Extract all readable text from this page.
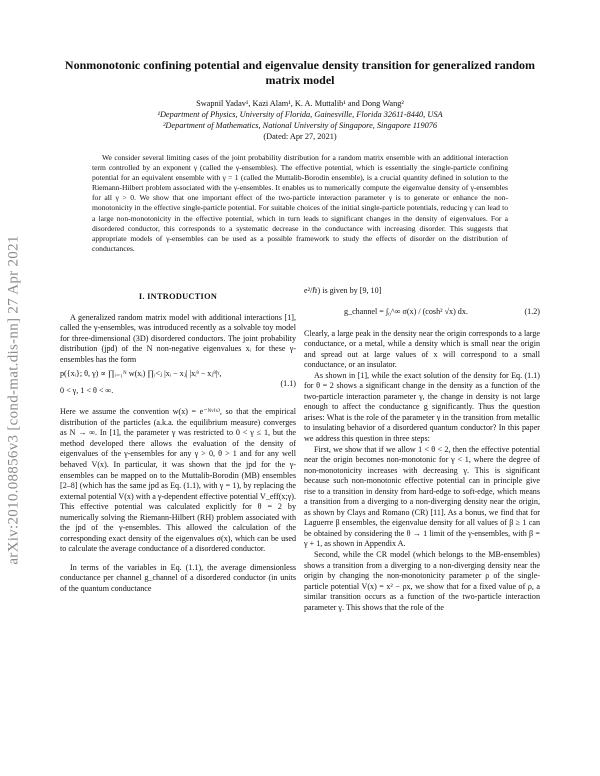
arXiv:2010.08856v3 [cond-mat.dis-nn] 27 Apr 2021
Nonmonotonic confining potential and eigenvalue density transition for generalized random matrix model
Swapnil Yadav¹, Kazi Alam¹, K. A. Muttalib¹ and Dong Wang²
¹Department of Physics, University of Florida, Gainesville, Florida 32611-8440, USA
²Department of Mathematics, National University of Singapore, Singapore 119076
(Dated: Apr 27, 2021)

We consider several limiting cases of the joint probability distribution for a random matrix ensemble with an additional interaction term controlled by an exponent γ (called the γ-ensembles). The effective potential, which is essentially the single-particle confining potential for an equivalent ensemble with γ = 1 (called the Muttalib-Borodin ensemble), is a crucial quantity defined in solution to the Riemann-Hilbert problem associated with the γ-ensembles. It enables us to numerically compute the eigenvalue density of γ-ensembles for all γ > 0. We show that one important effect of the two-particle interaction parameter γ is to generate or enhance the non-monotonicity in the effective single-particle potential. For suitable choices of the initial single-particle potentials, reducing γ can lead to a large non-monotonicity in the effective potential, which in turn leads to significant changes in the density of eigenvalues. For a disordered conductor, this corresponds to a systematic decrease in the conductance with increasing disorder. This suggests that appropriate models of γ-ensembles can be used as a possible framework to study the effects of disorder on the distribution of conductances.

I. INTRODUCTION

A generalized random matrix model with additional interactions [1], called the γ-ensembles, was introduced recently as a solvable toy model for three-dimensional (3D) disordered conductors. The joint probability distribution (jpd) of the N non-negative eigenvalues xᵢ for these γ-ensembles has the form

p({xᵢ}; θ, γ) ∝ ∏ᵢ₌₁ᴺ w(xᵢ) ∏ᵢ<ⱼ |xᵢ − xⱼ| |xᵢᶿ − xⱼᶿ|ᵞ,
0 < γ, 1 < θ < ∞.
(1.1)

Here we assume the convention w(x) = e⁻ᴺᵛ⁽ˣ⁾, so that the empirical distribution of the particles (a.k.a. the equilibrium measure) converges as N → ∞. In [1], the parameter γ was restricted to 0 < γ ≤ 1, but the method developed there allows the evaluation of the density of eigenvalues of the γ-ensembles for any γ > 0, θ > 1 and for any well behaved V(x). In particular, it was shown that the jpd for the γ-ensembles can be mapped on to the Muttalib-Borodin (MB) ensembles [2–8] (which has the same jpd as Eq. (1.1), with γ = 1), by replacing the external potential V(x) with a γ-dependent effective potential V_eff(x;γ). This effective potential was calculated explicitly for θ = 2 by numerically solving the Riemann-Hilbert (RH) problem associated with the jpd of the γ-ensembles. This allowed the calculation of the corresponding exact density of the eigenvalues σ(x), which can be used to calculate the average conductance of a disordered conductor.

In terms of the variables in Eq. (1.1), the average dimensionless conductance per channel g_channel of a disordered conductor (in units of the quantum conductance

e²/ℏ) is given by [9, 10]

g_channel = ∫₀^∞ σ(x) / (cosh² √x) dx.	(1.2)

Clearly, a large peak in the density near the origin corresponds to a large conductance, or a metal, while a density which is small near the origin and spread out at large values of x will correspond to a small conductance, or an insulator.

As shown in [1], while the exact solution of the density for Eq. (1.1) for θ = 2 shows a significant change in the density as a function of the two-particle interaction parameter γ, the change in density is not large enough to affect the conductance g significantly. Thus the question arises: What is the role of the parameter γ in the transition from metallic to insulating behavior of a disordered quantum conductor? In this paper we address this question in three steps:

First, we show that if we allow 1 < θ < 2, then the effective potential near the origin becomes non-monotonic for γ < 1, where the degree of non-monotonicity increases with decreasing γ. This is significant because such non-monotonic effective potential can in principle give rise to a transition in density from hard-edge to soft-edge, which means a transition from a diverging to a non-diverging density near the origin, as shown by Clays and Romano (CR) [11]. As a bonus, we find that for Laguerre β ensembles, the eigenvalue density for all values of β ≥ 1 can be obtained by considering the θ → 1 limit of the γ-ensembles, with β = γ + 1, as shown in Appendix A.

Second, while the CR model (which belongs to the MB-ensembles) shows a transition from a diverging to a non-diverging density near the origin by changing the non-monotonicity parameter ρ of the single-particle potential V(x) = x² − ρx, we show that for a fixed value of ρ, a similar transition occurs as a function of the two-particle interaction parameter γ. This shows that the role of the
